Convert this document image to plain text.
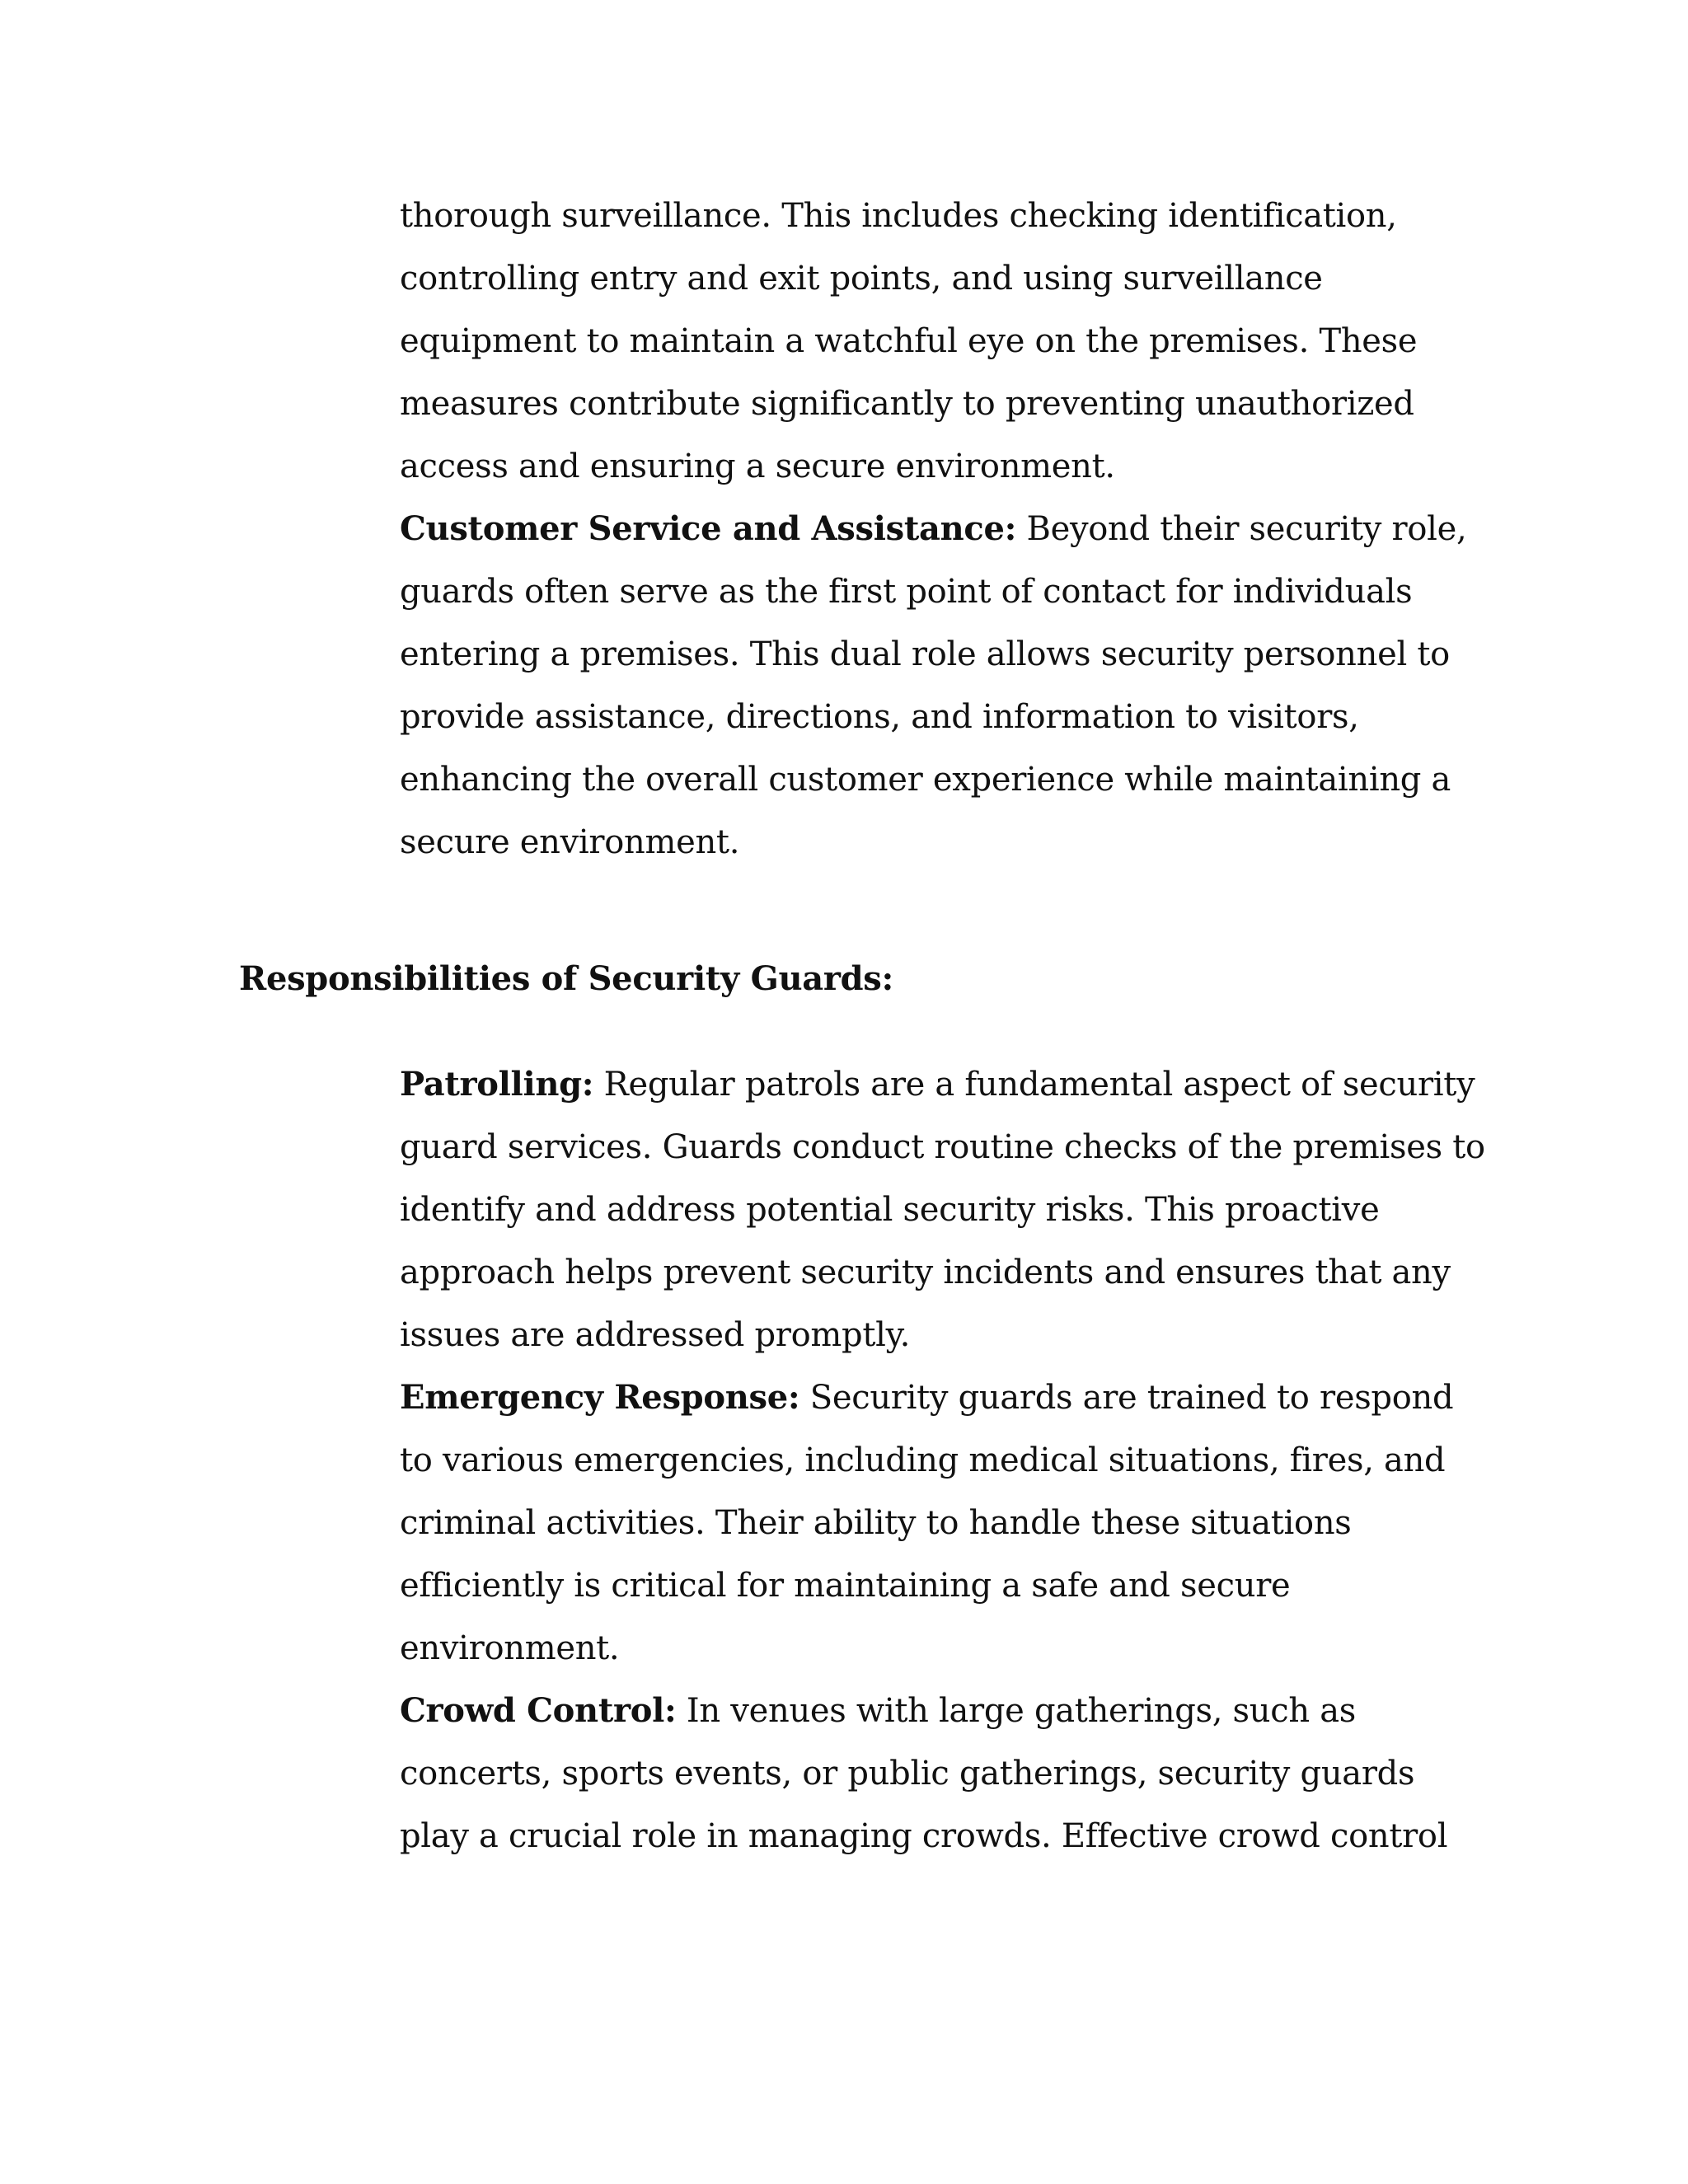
thorough surveillance. This includes checking identification, controlling entry and exit points, and using surveillance equipment to maintain a watchful eye on the premises. These measures contribute significantly to preventing unauthorized access and ensuring a secure environment.

Customer Service and Assistance: Beyond their security role, guards often serve as the first point of contact for individuals entering a premises. This dual role allows security personnel to provide assistance, directions, and information to visitors, enhancing the overall customer experience while maintaining a secure environment.

Responsibilities of Security Guards:

Patrolling: Regular patrols are a fundamental aspect of security guard services. Guards conduct routine checks of the premises to identify and address potential security risks. This proactive approach helps prevent security incidents and ensures that any issues are addressed promptly.

Emergency Response: Security guards are trained to respond to various emergencies, including medical situations, fires, and criminal activities. Their ability to handle these situations efficiently is critical for maintaining a safe and secure environment.

Crowd Control: In venues with large gatherings, such as concerts, sports events, or public gatherings, security guards play a crucial role in managing crowds. Effective crowd control
